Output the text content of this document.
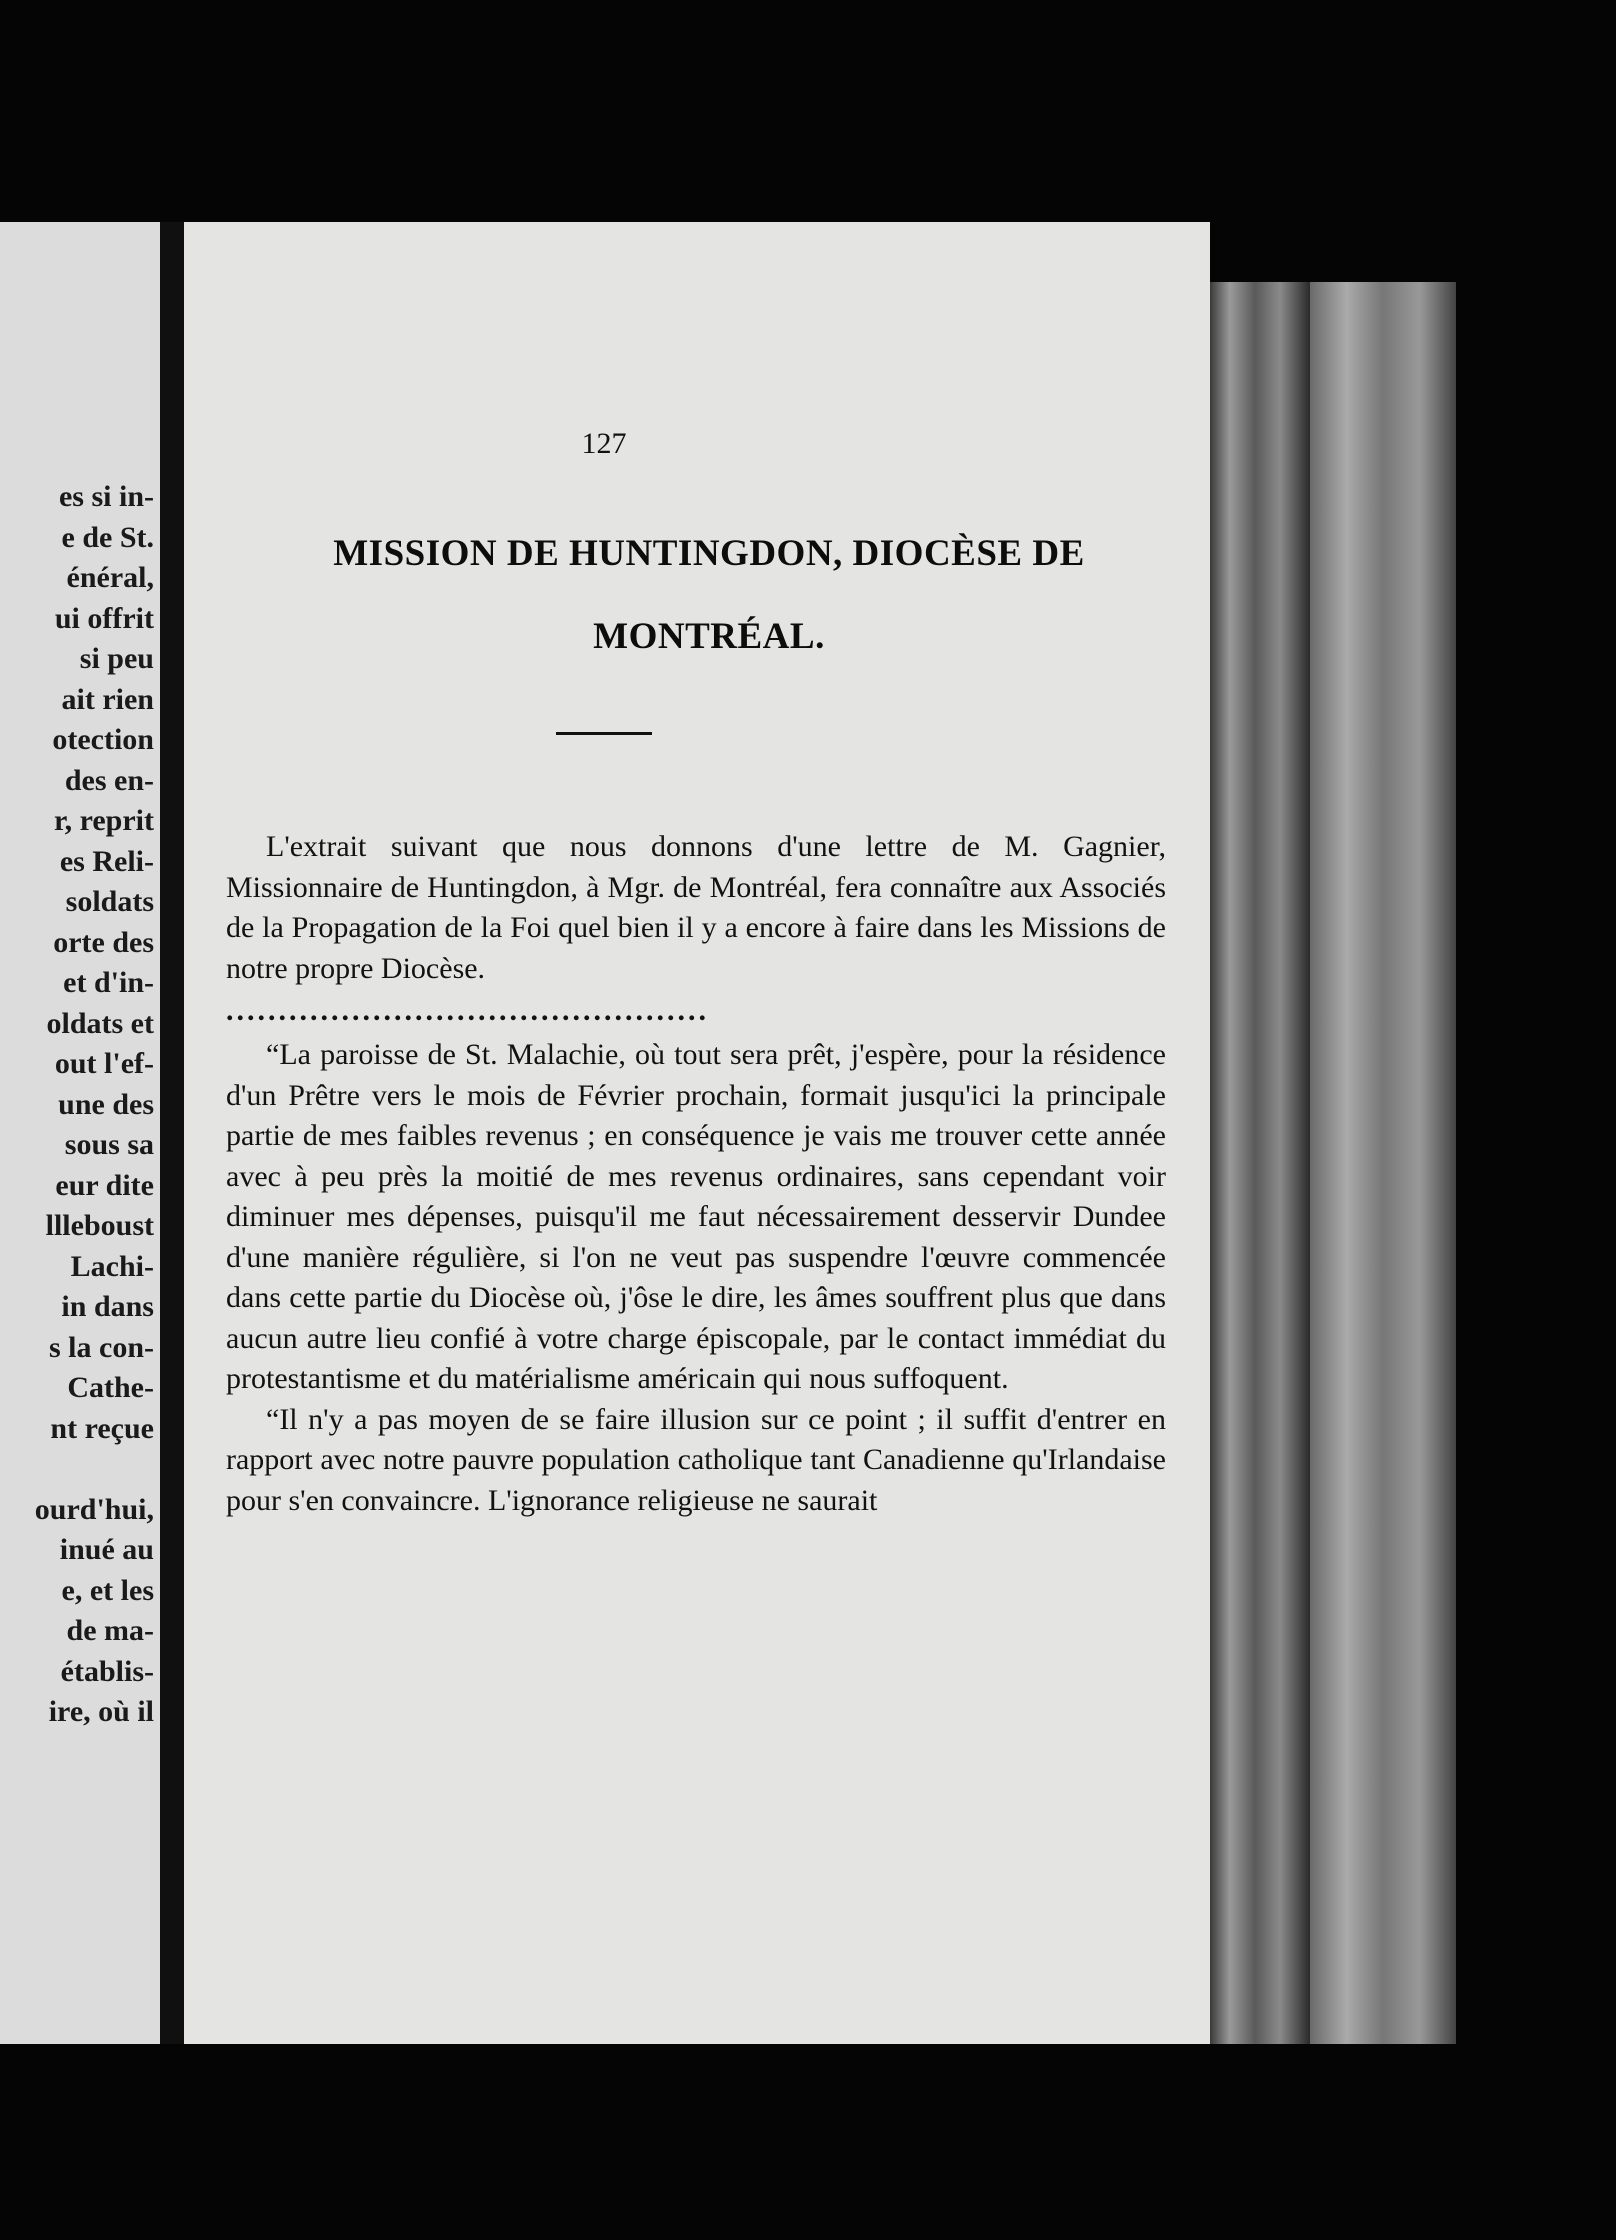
es si in-
e de St.
énéral,
ui offrit
si peu
ait rien
otection
des en-
r, reprit
es Reli-
soldats
orte des
et d'in-
oldats et
out l'ef-
une des
sous sa
eur dite
llleboust
Lachi-
in dans
s la con-
Cathe-
nt reçue
ourd'hui,
inué au
e, et les
de ma-
établis-
ire, où il
127
MISSION DE HUNTINGDON, DIOCÈSE DE
MONTRÉAL.

L'extrait suivant que nous donnons d'une lettre de M. Gagnier, Missionnaire de Huntingdon, à Mgr. de Montréal, fera connaître aux Associés de la Propagation de la Foi quel bien il y a encore à faire dans les Missions de notre propre Diocèse.

..............................................

“La paroisse de St. Malachie, où tout sera prêt, j'espère, pour la résidence d'un Prêtre vers le mois de Février prochain, formait jusqu'ici la principale partie de mes faibles revenus ; en conséquence je vais me trouver cette année avec à peu près la moitié de mes revenus ordinaires, sans cependant voir diminuer mes dépenses, puisqu'il me faut nécessairement desservir Dundee d'une manière régulière, si l'on ne veut pas suspendre l'œuvre commencée dans cette partie du Diocèse où, j'ôse le dire, les âmes souffrent plus que dans aucun autre lieu confié à votre charge épiscopale, par le contact immédiat du protestantisme et du matérialisme américain qui nous suffoquent.

“Il n'y a pas moyen de se faire illusion sur ce point ; il suffit d'entrer en rapport avec notre pauvre population catholique tant Canadienne qu'Irlandaise pour s'en convaincre. L'ignorance religieuse ne saurait
